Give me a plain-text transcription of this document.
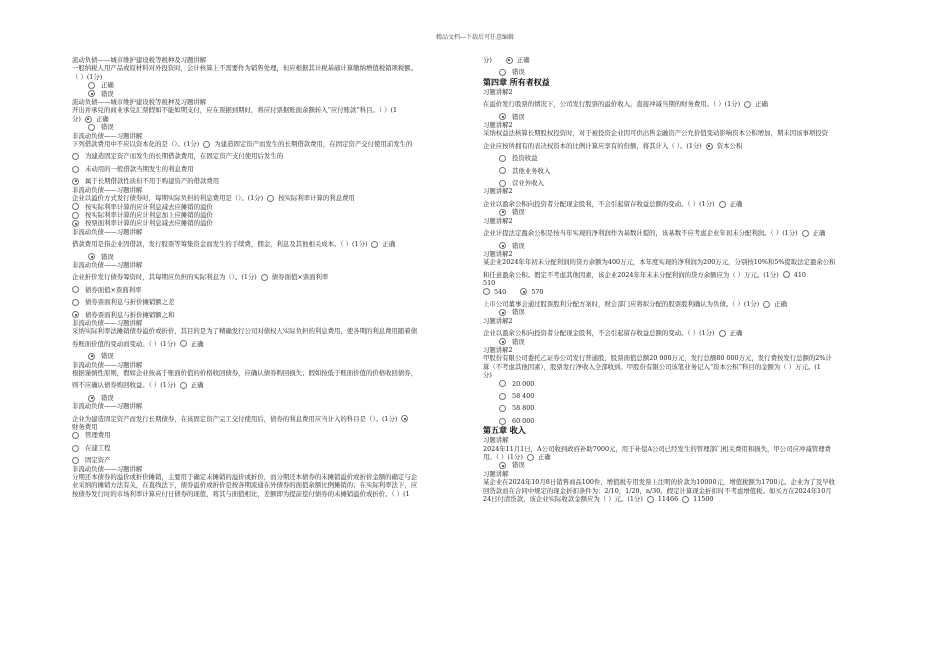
精品文档---下载后可任意编辑
流动负债——城市维护建设税等税种及习题讲解
一般纳税人用产品或原材料对外投资时，会计核算上不需要作为销售处理，但应根据其计税基础计算缴纳增值税销项税额。
（ ）(1分)
正确
错误
流动负债——城市维护建设税等税种及习题讲解
开出并承兑的商业承兑汇票假如不能如期支付，应在票据到期时，将应付票据账面余额转入“应付账款”科目。（ ）(1
分) 正确
错误
非流动负债——习题讲解
下列借款费用中不应以资本化的是（）。(1分) 为建造固定资产而发生的长期借款费用，在固定资产交付使用前发生的
为建造固定资产而发生的长期借款费用，在固定资产支付使用后发生的
未动用的一般借款当期发生的利息费用
属于长期借款性质但不用于购建资产的借款费用
非流动负债——习题讲解
企业以溢价方式发行债券时，每期实际负担的利息费用是（）。(1分) 按实际利率计算的利息费用
按实际利率计算的应计利息减去应摊销的溢价
按实际利率计算的应计利息加上应摊销的溢价
按票面利率计算的应计利息减去应摊销的溢价
非流动负债——习题讲解
借款费用是指企业因借款，发行股票等筹集资金而发生的手续费，佣金，利息及其他相关成本。（ ）(1分) 正确
错误
非流动负债——习题讲解
企业折价发行债券筹资时，其每期应负担的实际利息为（）。(1分) 债券面值×票面利率
债券面值×票面利率
债券票面利息与折价摊销额之差
债券票面利息与折价摊销额之和
非流动负债——习题讲解
采纳实际利率法摊销债券溢价或折价，其目的是为了精确发行公司对债权人实际负担的利息费用，使各期的利息费用随着债
券账面价值的变动而变动。（ ）(1分) 正确
错误
非流动负债——习题讲解
根据谨慎性原则，假如企业按高于账面价值的价格收回债券，应确认债券购回损失；假如按低于账面价值的价格收回债券，
则不应确认债券购回收益。（ ）(1分) 正确
错误
非流动负债——习题讲解
企业为建造固定资产而发行长期债券，在该固定资产完工交付使用后，债券的利息费用应当计入的科目是（）。(1分)
财务费用
管理费用
在建工程
固定资产
非流动负债——习题讲解
分期还本债券的溢价或折价摊销，主要用于确定未摊销的溢价或折价，而分期还本债券的未摊销溢价或折价金额的确定与企
业采纳的摊销方法有关，在直线法下，债券溢价或折价是按各期流通在外债券的面值余额比例摊销的；在实际利率法下，应
按债券发行时的市场利率计算应付日债券的现值，将其与面值相比，差额即为提前偿付债券的未摊销溢价或折价。（ ）(1
分)	正确
错误
第四章 所有者权益
习题讲解2
在溢价发行股票的情况下，公司发行股票的溢价收入，直接冲减当期的财务费用。（ ）(1分) 正确
错误
习题讲解2
采纳权益法核算长期股权投资时，对于被投资企业因可供出售金融资产公允价值变动影响资本公积增加，期末因该事项投资
企业应按所拥有的表决权资本的比例计算应享有的份额，将其计入（ ）。(1分) 资本公积
投资收益
其他业务收入
营业外收入
习题讲解2
企业以盈余公积向投资者分配现金股利，不会引起留存收益总额的变动。（ ）(1分) 正确
错误
习题讲解2
企业计提法定盈余公积是按当年实现的净利润作为基数计提的，该基数不应考虑企业年初未分配利润。（ ）(1分) 正确
错误
习题讲解2
某企业2024年年初未分配利润的贷方余额为400万元，本年度实现的净利润为200万元，分别按10%和5%提取法定盈余公积
和任意盈余公积。假定不考虑其他因素，该企业2024年年末未分配利润的贷方余额应为（ ）万元。(1分) 410
510
540	570
上市公司董事会通过股票股利分配方案时，财会部门应将拟分配的股票股利确认为负债。（ ）(1分) 正确
错误
习题讲解2
企业以盈余公积向投资者分配现金股利，不会引起留存收益总额的变动。（ ）(1分) 正确
错误
习题讲解2
甲股份有限公司委托乙证券公司发行普通股，股票面值总额20 000万元，发行总额80 000万元，发行费按发行总额的2%计
算（不考虑其他因素），股票发行净收入全部收到。甲股份有限公司该笔业务记入“资本公积”科目的金额为（ ）万元。(1
分)
20 000
58 400
58 800
60 000
第五章 收入
习题讲解
2024年11月1日，A公司收到政府补助7000元，用于补偿A公司已经发生的管理部门相关费用和损失，甲公司应冲减管理费
用。（ ）(1分) 正确
错误
习题讲解
某企业在2024年10月8日销售商品100件，增值税专用发票上注明的价款为10000元，增值税额为1700元。企业为了及早收
回货款而在合同中规定的现金折扣条件为：2/10，1/20，n/30。假定计算现金折扣时不考虑增值税。如买方在2024年10月
24日付清货款，该企业实际收款金额应为（ ）元。(1分) 11466 11500
